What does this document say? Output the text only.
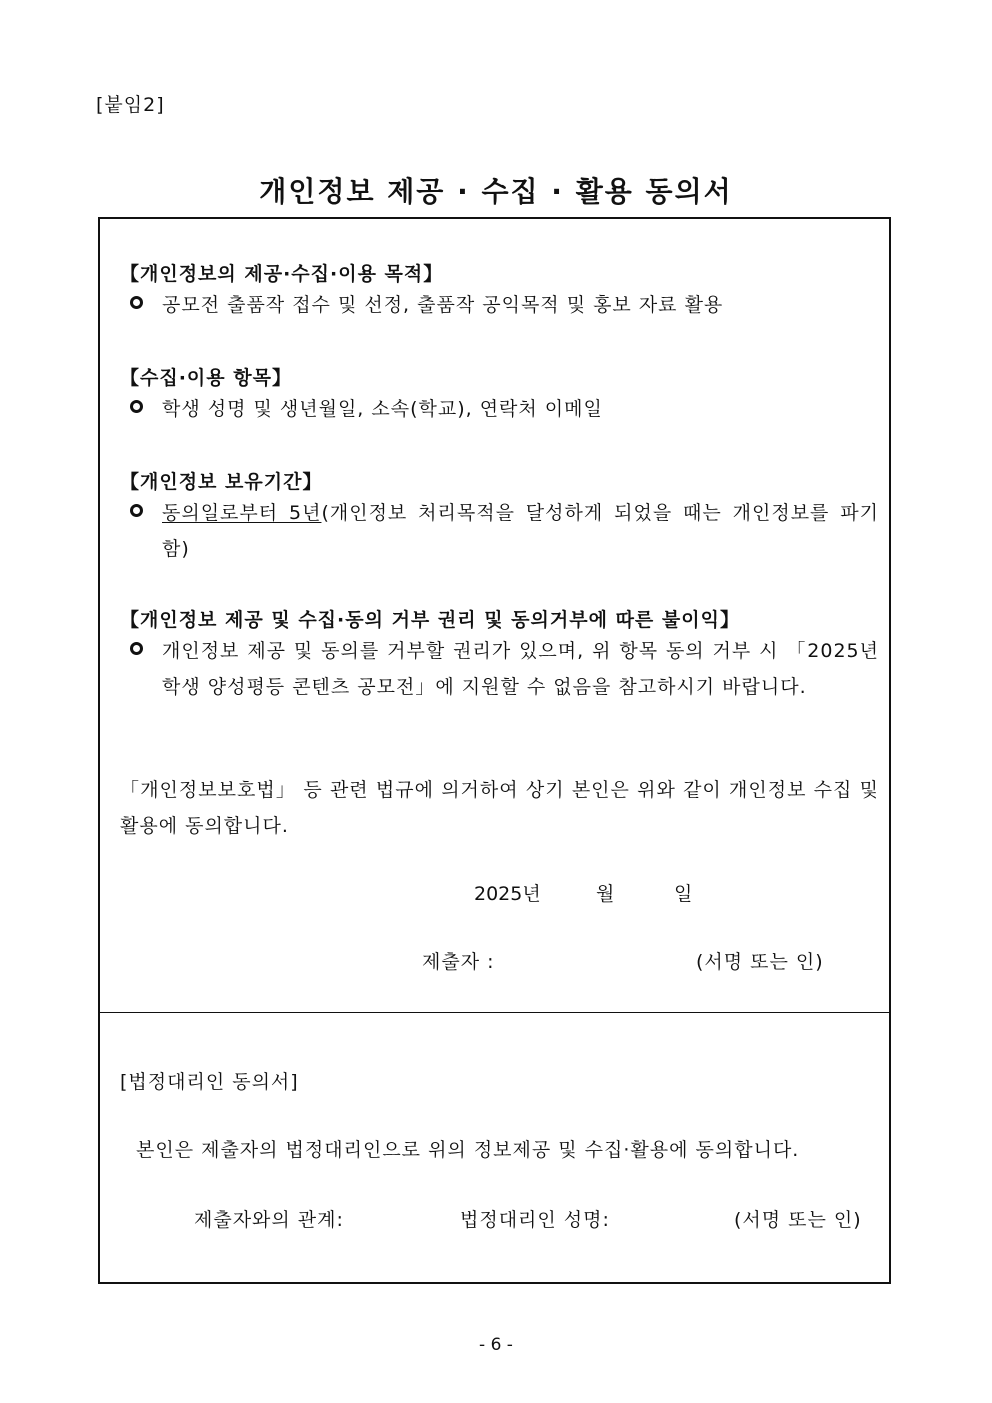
[붙임2]
개인정보 제공 · 수집 · 활용 동의서
【개인정보의 제공·수집·이용 목적】
공모전 출품작 접수 및 선정, 출품작 공익목적 및 홍보 자료 활용
【수집·이용 항목】
학생 성명 및 생년월일, 소속(학교), 연락처 이메일
【개인정보 보유기간】
동의일로부터 5년(개인정보 처리목적을 달성하게 되었을 때는 개인정보를 파기함)
【개인정보 제공 및 수집·동의 거부 권리 및 동의거부에 따른 불이익】
개인정보 제공 및 동의를 거부할 권리가 있으며, 위 항목 동의 거부 시 「2025년 학생 양성평등 콘텐츠 공모전」에 지원할 수 없음을 참고하시기 바랍니다.
「개인정보보호법」 등 관련 법규에 의거하여 상기 본인은 위와 같이 개인정보 수집 및 활용에 동의합니다.
2025년	월	일
제출자 :	(서명 또는 인)
[법정대리인 동의서]
본인은 제출자의 법정대리인으로 위의 정보제공 및 수집·활용에 동의합니다.
제출자와의 관계:	법정대리인 성명:	(서명 또는 인)
- 6 -
